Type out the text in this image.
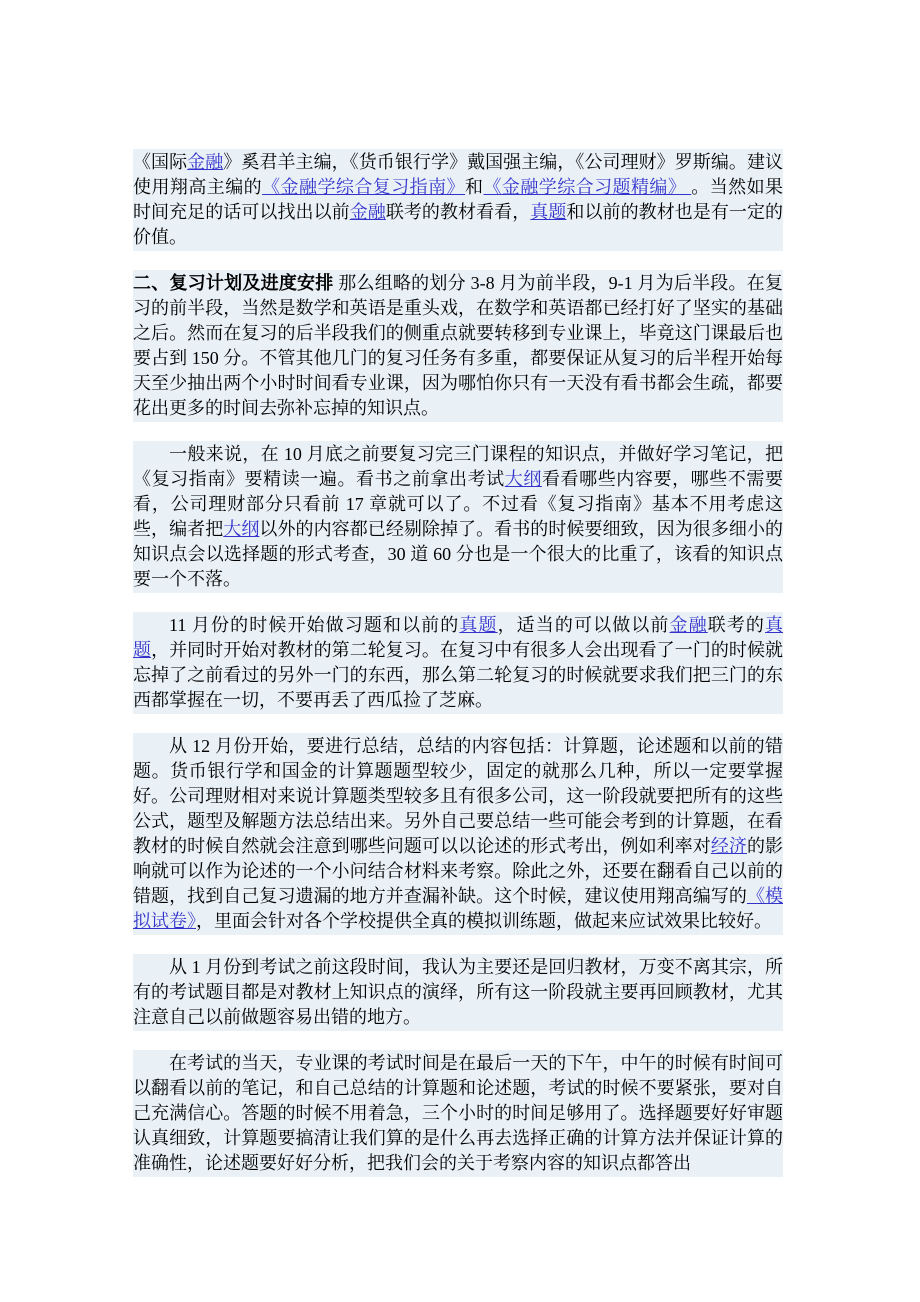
《国际金融》奚君羊主编，《货币银行学》戴国强主编，《公司理财》罗斯编。建议使用翔高主编的《金融学综合复习指南》和《金融学综合习题精编》 。当然如果时间充足的话可以找出以前金融联考的教材看看，真题和以前的教材也是有一定的价值。

二、复习计划及进度安排 那么组略的划分 3-8 月为前半段，9-1 月为后半段。在复习的前半段，当然是数学和英语是重头戏，在数学和英语都已经打好了坚实的基础之后。然而在复习的后半段我们的侧重点就要转移到专业课上，毕竟这门课最后也要占到 150 分。不管其他几门的复习任务有多重，都要保证从复习的后半程开始每天至少抽出两个小时时间看专业课，因为哪怕你只有一天没有看书都会生疏，都要花出更多的时间去弥补忘掉的知识点。

一般来说，在 10 月底之前要复习完三门课程的知识点，并做好学习笔记，把《复习指南》要精读一遍。看书之前拿出考试大纲看看哪些内容要，哪些不需要看，公司理财部分只看前 17 章就可以了。不过看《复习指南》基本不用考虑这些，编者把大纲以外的内容都已经剔除掉了。看书的时候要细致，因为很多细小的知识点会以选择题的形式考查，30 道 60 分也是一个很大的比重了，该看的知识点要一个不落。

11 月份的时候开始做习题和以前的真题，适当的可以做以前金融联考的真题，并同时开始对教材的第二轮复习。在复习中有很多人会出现看了一门的时候就忘掉了之前看过的另外一门的东西，那么第二轮复习的时候就要求我们把三门的东西都掌握在一切，不要再丢了西瓜捡了芝麻。

从 12 月份开始，要进行总结，总结的内容包括：计算题，论述题和以前的错题。货币银行学和国金的计算题题型较少，固定的就那么几种，所以一定要掌握好。公司理财相对来说计算题类型较多且有很多公司，这一阶段就要把所有的这些公式，题型及解题方法总结出来。另外自己要总结一些可能会考到的计算题，在看教材的时候自然就会注意到哪些问题可以以论述的形式考出，例如利率对经济的影响就可以作为论述的一个小问结合材料来考察。除此之外，还要在翻看自己以前的错题，找到自己复习遗漏的地方并查漏补缺。这个时候，建议使用翔高编写的《模拟试卷》，里面会针对各个学校提供全真的模拟训练题，做起来应试效果比较好。

从 1 月份到考试之前这段时间，我认为主要还是回归教材，万变不离其宗，所有的考试题目都是对教材上知识点的演绎，所有这一阶段就主要再回顾教材，尤其注意自己以前做题容易出错的地方。

在考试的当天，专业课的考试时间是在最后一天的下午，中午的时候有时间可以翻看以前的笔记，和自己总结的计算题和论述题，考试的时候不要紧张，要对自己充满信心。答题的时候不用着急，三个小时的时间足够用了。选择题要好好审题认真细致，计算题要搞清让我们算的是什么再去选择正确的计算方法并保证计算的准确性，论述题要好好分析，把我们会的关于考察内容的知识点都答出
